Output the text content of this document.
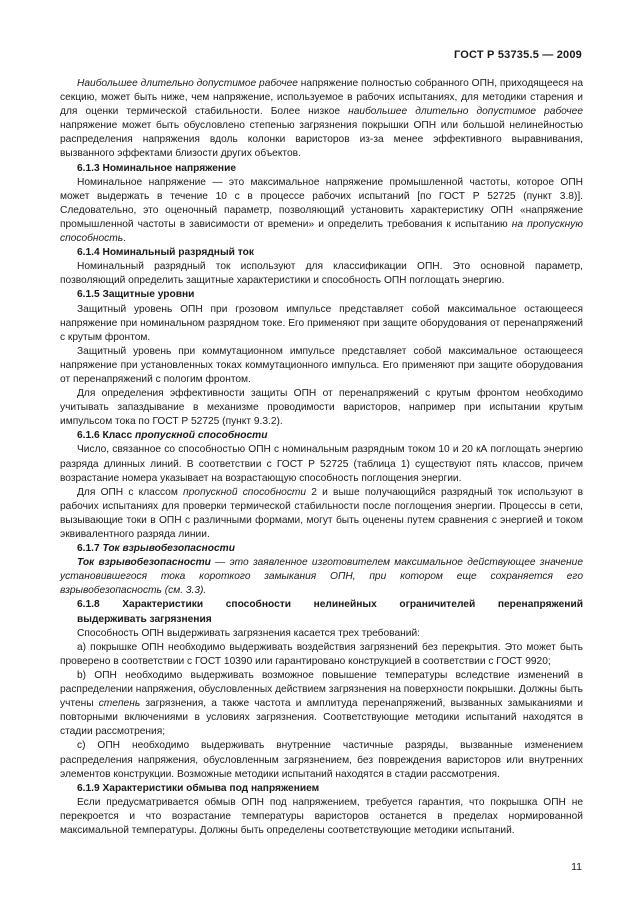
ГОСТ Р 53735.5 — 2009

Наибольшее длительно допустимое рабочее напряжение полностью собранного ОПН, приходящееся на секцию, может быть ниже, чем напряжение, используемое в рабочих испытаниях, для методики старения и для оценки термической стабильности. Более низкое наибольшее длительно допустимое рабочее напряжение может быть обусловлено степенью загрязнения покрышки ОПН или большой нелинейностью распределения напряжения вдоль колонки варисторов из-за менее эффективного выравнивания, вызванного эффектами близости других объектов.

6.1.3 Номинальное напряжение

Номинальное напряжение — это максимальное напряжение промышленной частоты, которое ОПН может выдержать в течение 10 с в процессе рабочих испытаний [по ГОСТ Р 52725 (пункт 3.8)]. Следовательно, это оценочный параметр, позволяющий установить характеристику ОПН «напряжение промышленной частоты в зависимости от времени» и определить требования к испытанию на пропускную способность.

6.1.4 Номинальный разрядный ток

Номинальный разрядный ток используют для классификации ОПН. Это основной параметр, позволяющий определить защитные характеристики и способность ОПН поглощать энергию.

6.1.5 Защитные уровни

Защитный уровень ОПН при грозовом импульсе представляет собой максимальное остающееся напряжение при номинальном разрядном токе. Его применяют при защите оборудования от перенапряжений с крутым фронтом.

Защитный уровень при коммутационном импульсе представляет собой максимальное остающееся напряжение при установленных токах коммутационного импульса. Его применяют при защите оборудования от перенапряжений с пологим фронтом.

Для определения эффективности защиты ОПН от перенапряжений с крутым фронтом необходимо учитывать запаздывание в механизме проводимости варисторов, например при испытании крутым импульсом тока по ГОСТ Р 52725 (пункт 9.3.2).

6.1.6 Класс пропускной способности

Число, связанное со способностью ОПН с номинальным разрядным током 10 и 20 кА поглощать энергию разряда длинных линий. В соответствии с ГОСТ Р 52725 (таблица 1) существуют пять классов, причем возрастание номера указывает на возрастающую способность поглощения энергии.

Для ОПН с классом пропускной способности 2 и выше получающийся разрядный ток используют в рабочих испытаниях для проверки термической стабильности после поглощения энергии. Процессы в сети, вызывающие токи в ОПН с различными формами, могут быть оценены путем сравнения с энергией и током эквивалентного разряда линии.

6.1.7 Ток взрывобезопасности

Ток взрывобезопасности — это заявленное изготовителем максимальное действующее значение установившегося тока короткого замыкания ОПН, при котором еще сохраняется его взрывобезопасность (см. 3.3).

6.1.8 Характеристики способности нелинейных ограничителей перенапряжений

выдерживать загрязнения

Способность ОПН выдерживать загрязнения касается трех требований:

а) покрышке ОПН необходимо выдерживать воздействия загрязнений без перекрытия. Это может быть проверено в соответствии с ГОСТ 10390 или гарантировано конструкцией в соответствии с ГОСТ 9920;

b) ОПН необходимо выдерживать возможное повышение температуры вследствие изменений в распределении напряжения, обусловленных действием загрязнения на поверхности покрышки. Должны быть учтены степень загрязнения, а также частота и амплитуда перенапряжений, вызванных замыканиями и повторными включениями в условиях загрязнения. Соответствующие методики испытаний находятся в стадии рассмотрения;

с) ОПН необходимо выдерживать внутренние частичные разряды, вызванные изменением распределения напряжения, обусловленным загрязнением, без повреждения варисторов или внутренних элементов конструкции. Возможные методики испытаний находятся в стадии рассмотрения.

6.1.9 Характеристики обмыва под напряжением

Если предусматривается обмыв ОПН под напряжением, требуется гарантия, что покрышка ОПН не перекроется и что возрастание температуры варисторов останется в пределах нормированной максимальной температуры. Должны быть определены соответствующие методики испытаний.

11
